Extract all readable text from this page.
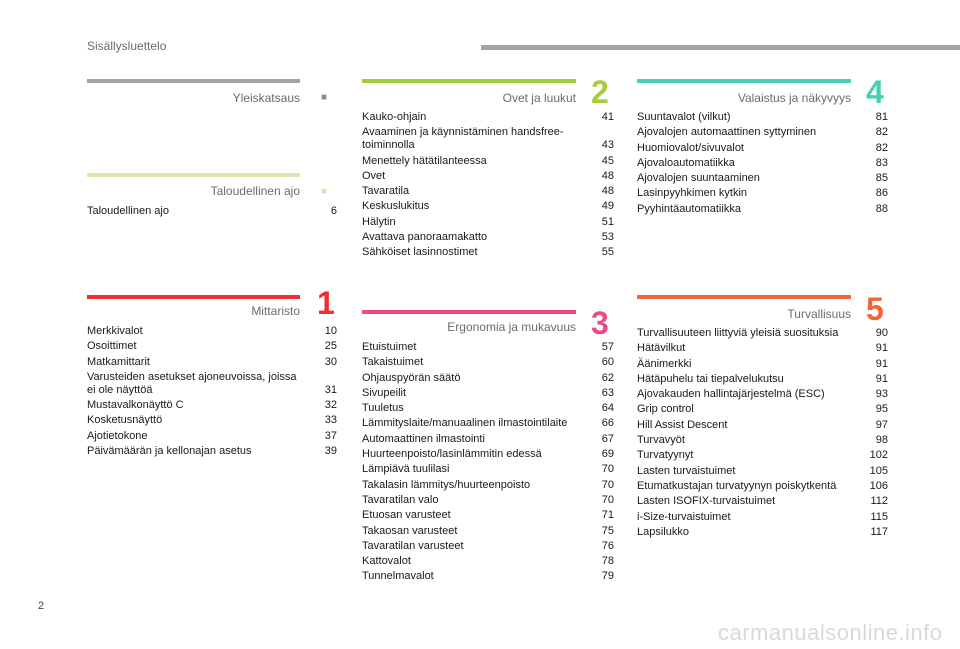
Sisällysluettelo
Yleiskatsaus ■
Taloudellinen ajo ■
Taloudellinen ajo	6
Mittaristo 1
Merkkivalot	10
Osoittimet	25
Matkamittarit	30
Varusteiden asetukset ajoneuvoissa, joissa ei ole näyttöä	31
Mustavalkonäyttö C	32
Kosketusnäyttö	33
Ajotietokone	37
Päivämäärän ja kellonajan asetus	39
Ovet ja luukut 2
Kauko-ohjain	41
Avaaminen ja käynnistäminen handsfree-toiminnolla	43
Menettely hätätilanteessa	45
Ovet	48
Tavaratila	48
Keskuslukitus	49
Hälytin	51
Avattava panoraamakatto	53
Sähköiset lasinnostimet	55
Ergonomia ja mukavuus 3
Etuistuimet	57
Takaistuimet	60
Ohjauspyörän säätö	62
Sivupeilit	63
Tuuletus	64
Lämmityslaite/manuaalinen ilmastointilaite	66
Automaattinen ilmastointi	67
Huurteenpoisto/lasinlämmitin edessä	69
Lämpiävä tuulilasi	70
Takalasin lämmitys/huurteenpoisto	70
Tavaratilan valo	70
Etuosan varusteet	71
Takaosan varusteet	75
Tavaratilan varusteet	76
Kattovalot	78
Tunnelmavalot	79
Valaistus ja näkyvyys 4
Suuntavalot (vilkut)	81
Ajovalojen automaattinen syttyminen	82
Huomiovalot/sivuvalot	82
Ajovaloautomatiikka	83
Ajovalojen suuntaaminen	85
Lasinpyyhkimen kytkin	86
Pyyhintäautomatiikka	88
Turvallisuus 5
Turvallisuuteen liittyviä yleisiä suosituksia	90
Hätävilkut	91
Äänimerkki	91
Hätäpuhelu tai tiepalvelukutsu	91
Ajovakauden hallintajärjestelmä (ESC)	93
Grip control	95
Hill Assist Descent	97
Turvavyöt	98
Turvatyynyt	102
Lasten turvaistuimet	105
Etumatkustajan turvatyynyn poiskytkentä	106
Lasten ISOFIX-turvaistuimet	112
i-Size-turvaistuimet	115
Lapsilukko	117
2
carmanualsonline.info
